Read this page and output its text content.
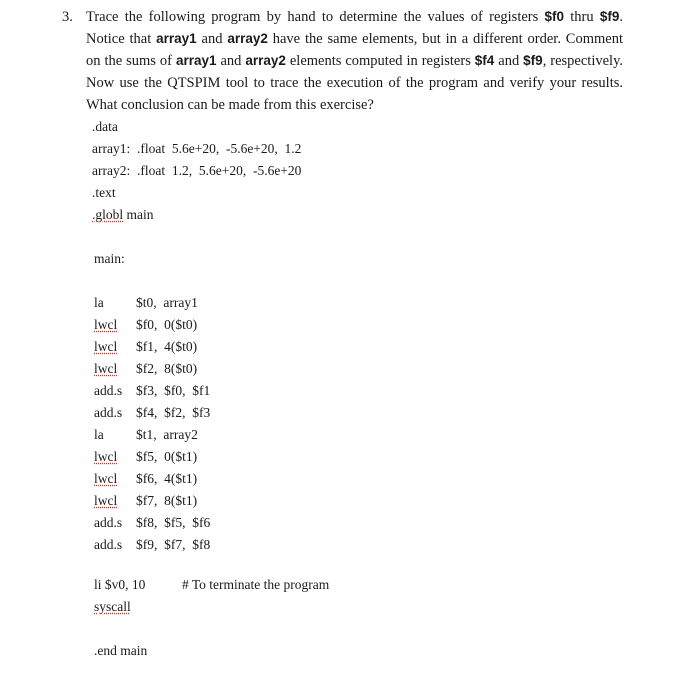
3. Trace the following program by hand to determine the values of registers $f0 thru $f9. Notice that array1 and array2 have the same elements, but in a different order. Comment on the sums of array1 and array2 elements computed in registers $f4 and $f9, respectively. Now use the QTSPIM tool to trace the execution of the program and verify your results. What conclusion can be made from this exercise?
.data
array1:  .float  5.6e+20,  -5.6e+20,  1.2
array2:  .float  1.2,  5.6e+20,  -5.6e+20
.text
.globl main
main:
la $t0,  array1
lwcl $f0,  0($t0)
lwcl $f1,  4($t0)
lwcl $f2,  8($t0)
add.s $f3,  $f0,  $f1
add.s $f4,  $f2,  $f3
la $t1,  array2
lwcl $f5,  0($t1)
lwcl $f6,  4($t1)
lwcl $f7,  8($t1)
add.s $f8,  $f5,  $f6
add.s $f9,  $f7,  $f8
li $v0, 10	# To terminate the program
syscall
.end main
